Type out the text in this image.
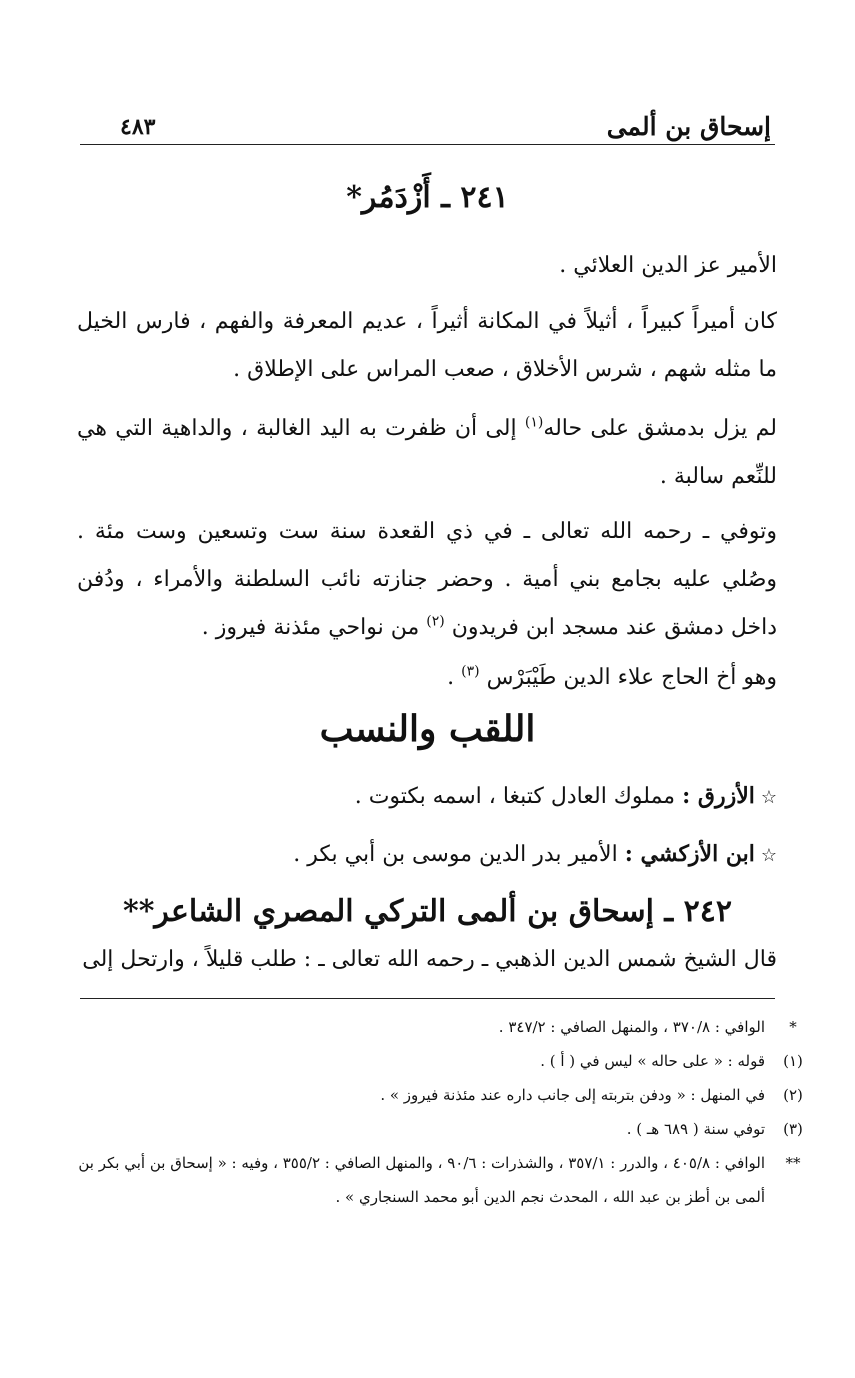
إسحاق بن ألمى
٤٨٣
٢٤١ ـ أَزْدَمُر*

الأمير عز الدين العلائي .

كان أميراً كبيراً ، أثيلاً في المكانة أثيراً ، عديم المعرفة والفهم ، فارس الخيل ما مثله شهم ، شرس الأخلاق ، صعب المراس على الإطلاق .

لم يزل بدمشق على حاله$^{(١)}$ إلى أن ظفرت به اليد الغالبة ، والداهية التي هي للنِّعم سالبة .

وتوفي ـ رحمه الله تعالى ـ في ذي القعدة سنة ست وتسعين وست مئة . وصُلي عليه بجامع بني أمية . وحضر جنازته نائب السلطنة والأمراء ، ودُفن داخل دمشق عند مسجد ابن فريدون $^{(٢)}$ من نواحي مئذنة فيروز .

وهو أخ الحاج علاء الدين طَيْبَرْس $^{(٣)}$ .

اللقب والنسب
☆الأزرق : مملوك العادل كتبغا ، اسمه بكتوت .
☆ابن الأزكشي : الأمير بدر الدين موسى بن أبي بكر .
٢٤٢ ـ إسحاق بن ألمى التركي المصري الشاعر**

قال الشيخ شمس الدين الذهبي ـ رحمه الله تعالى ـ : طلب قليلاً ، وارتحل إلى

*
الوافي : ٣٧٠/٨ ، والمنهل الصافي : ٣٤٧/٢ .
(١)
قوله : « على حاله » ليس في ( أ ) .
(٢)
في المنهل : « ودفن بتربته إلى جانب داره عند مئذنة فيروز » .
(٣)
توفي سنة ( ٦٨٩ هـ ) .
**
الوافي : ٤٠٥/٨ ، والدرر : ٣٥٧/١ ، والشذرات : ٩٠/٦ ، والمنهل الصافي : ٣٥٥/٢ ، وفيه : « إسحاق بن أبي بكر بن ألمى بن أطز بن عبد الله ، المحدث نجم الدين أبو محمد السنجاري » .
